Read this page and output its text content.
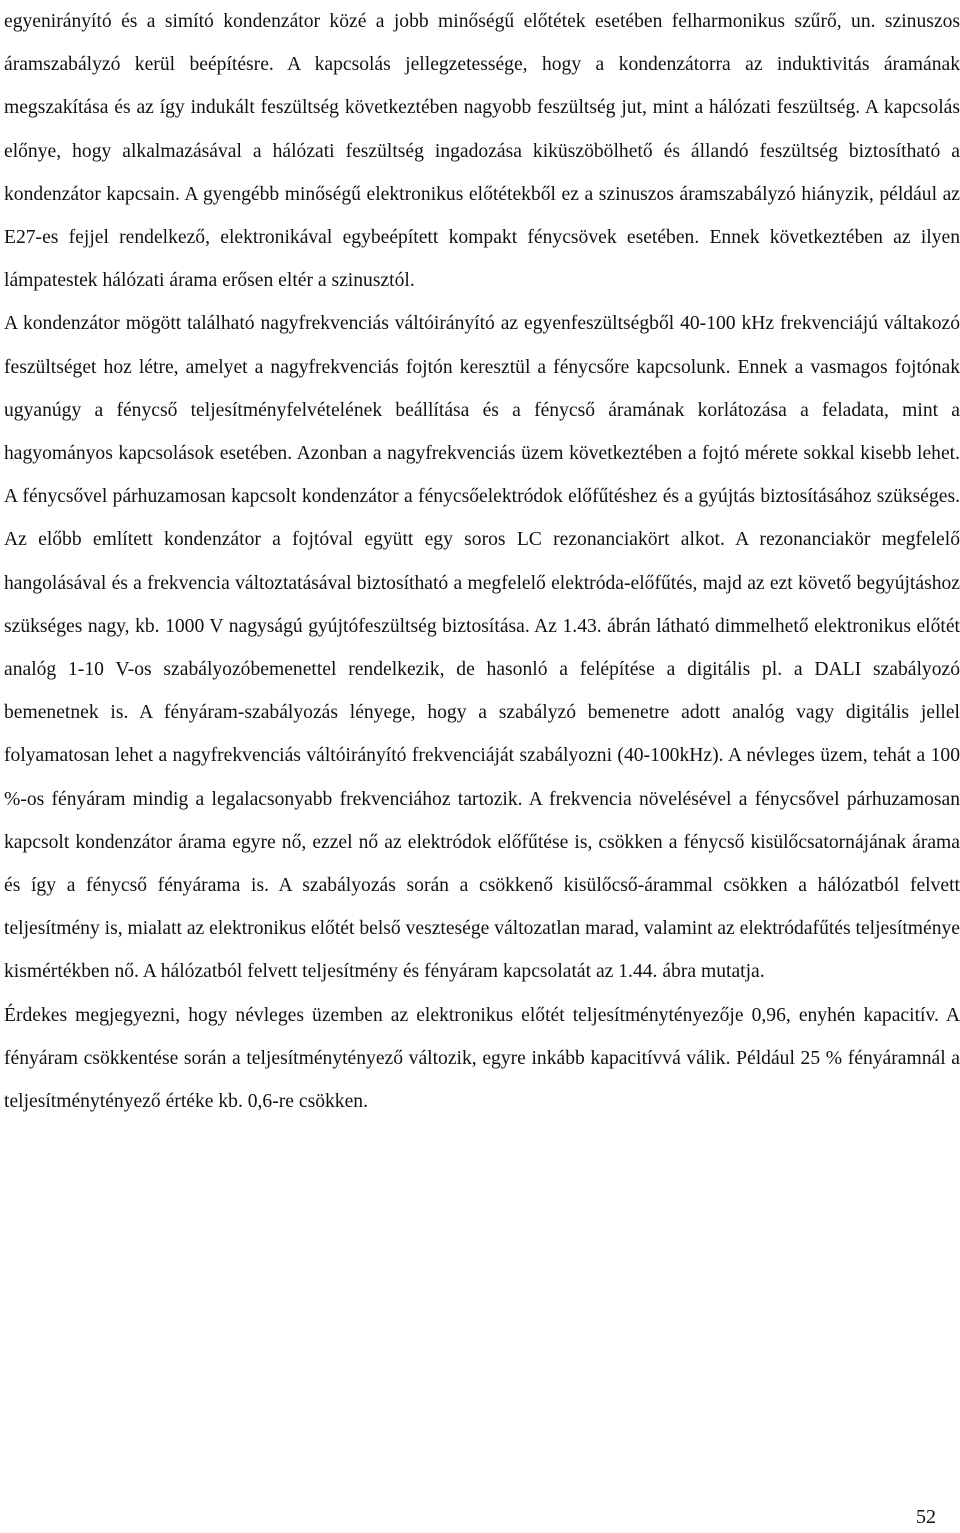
egyenirányító és a simító kondenzátor közé a jobb minőségű előtétek esetében felharmonikus szűrő, un. szinuszos áramszabályzó kerül beépítésre. A kapcsolás jellegzetessége, hogy a kondenzátorra az induktivitás áramának megszakítása és az így indukált feszültség következtében nagyobb feszültség jut, mint a hálózati feszültség. A kapcsolás előnye, hogy alkalmazásával a hálózati feszültség ingadozása kiküszöbölhető és állandó feszültség biztosítható a kondenzátor kapcsain. A gyengébb minőségű elektronikus előtétekből ez a szinuszos áramszabályzó hiányzik, például az E27-es fejjel rendelkező, elektronikával egybeépített kompakt fénycsövek esetében. Ennek következtében az ilyen lámpatestek hálózati árama erősen eltér a szinusztól.

A kondenzátor mögött található nagyfrekvenciás váltóirányító az egyenfeszültségből 40-100 kHz frekvenciájú váltakozó feszültséget hoz létre, amelyet a nagyfrekvenciás fojtón keresztül a fénycsőre kapcsolunk. Ennek a vasmagos fojtónak ugyanúgy a fénycső teljesítményfelvételének beállítása és a fénycső áramának korlátozása a feladata, mint a hagyományos kapcsolások esetében. Azonban a nagyfrekvenciás üzem következtében a fojtó mérete sokkal kisebb lehet. A fénycsővel párhuzamosan kapcsolt kondenzátor a fénycsőelektródok előfűtéshez és a gyújtás biztosításához szükséges. Az előbb említett kondenzátor a fojtóval együtt egy soros LC rezonanciakört alkot. A rezonanciakör megfelelő hangolásával és a frekvencia változtatásával biztosítható a megfelelő elektróda-előfűtés, majd az ezt követő begyújtáshoz szükséges nagy, kb. 1000 V nagyságú gyújtófeszültség biztosítása. Az 1.43. ábrán látható dimmelhető elektronikus előtét analóg 1-10 V-os szabályozóbemenettel rendelkezik, de hasonló a felépítése a digitális pl. a DALI szabályozó bemenetnek is. A fényáram-szabályozás lényege, hogy a szabályzó bemenetre adott analóg vagy digitális jellel folyamatosan lehet a nagyfrekvenciás váltóirányító frekvenciáját szabályozni (40-100kHz). A névleges üzem, tehát a 100 %-os fényáram mindig a legalacsonyabb frekvenciához tartozik. A frekvencia növelésével a fénycsővel párhuzamosan kapcsolt kondenzátor árama egyre nő, ezzel nő az elektródok előfűtése is, csökken a fénycső kisülőcsatornájának árama és így a fénycső fényárama is. A szabályozás során a csökkenő kisülőcső-árammal csökken a hálózatból felvett teljesítmény is, mialatt az elektronikus előtét belső vesztesége változatlan marad, valamint az elektródafűtés teljesítménye kismértékben nő. A hálózatból felvett teljesítmény és fényáram kapcsolatát az 1.44. ábra mutatja.

Érdekes megjegyezni, hogy névleges üzemben az elektronikus előtét teljesítménytényezője 0,96, enyhén kapacitív. A fényáram csökkentése során a teljesítménytényező változik, egyre inkább kapacitívvá válik. Például 25 % fényáramnál a teljesítménytényező értéke kb. 0,6-re csökken.

52
